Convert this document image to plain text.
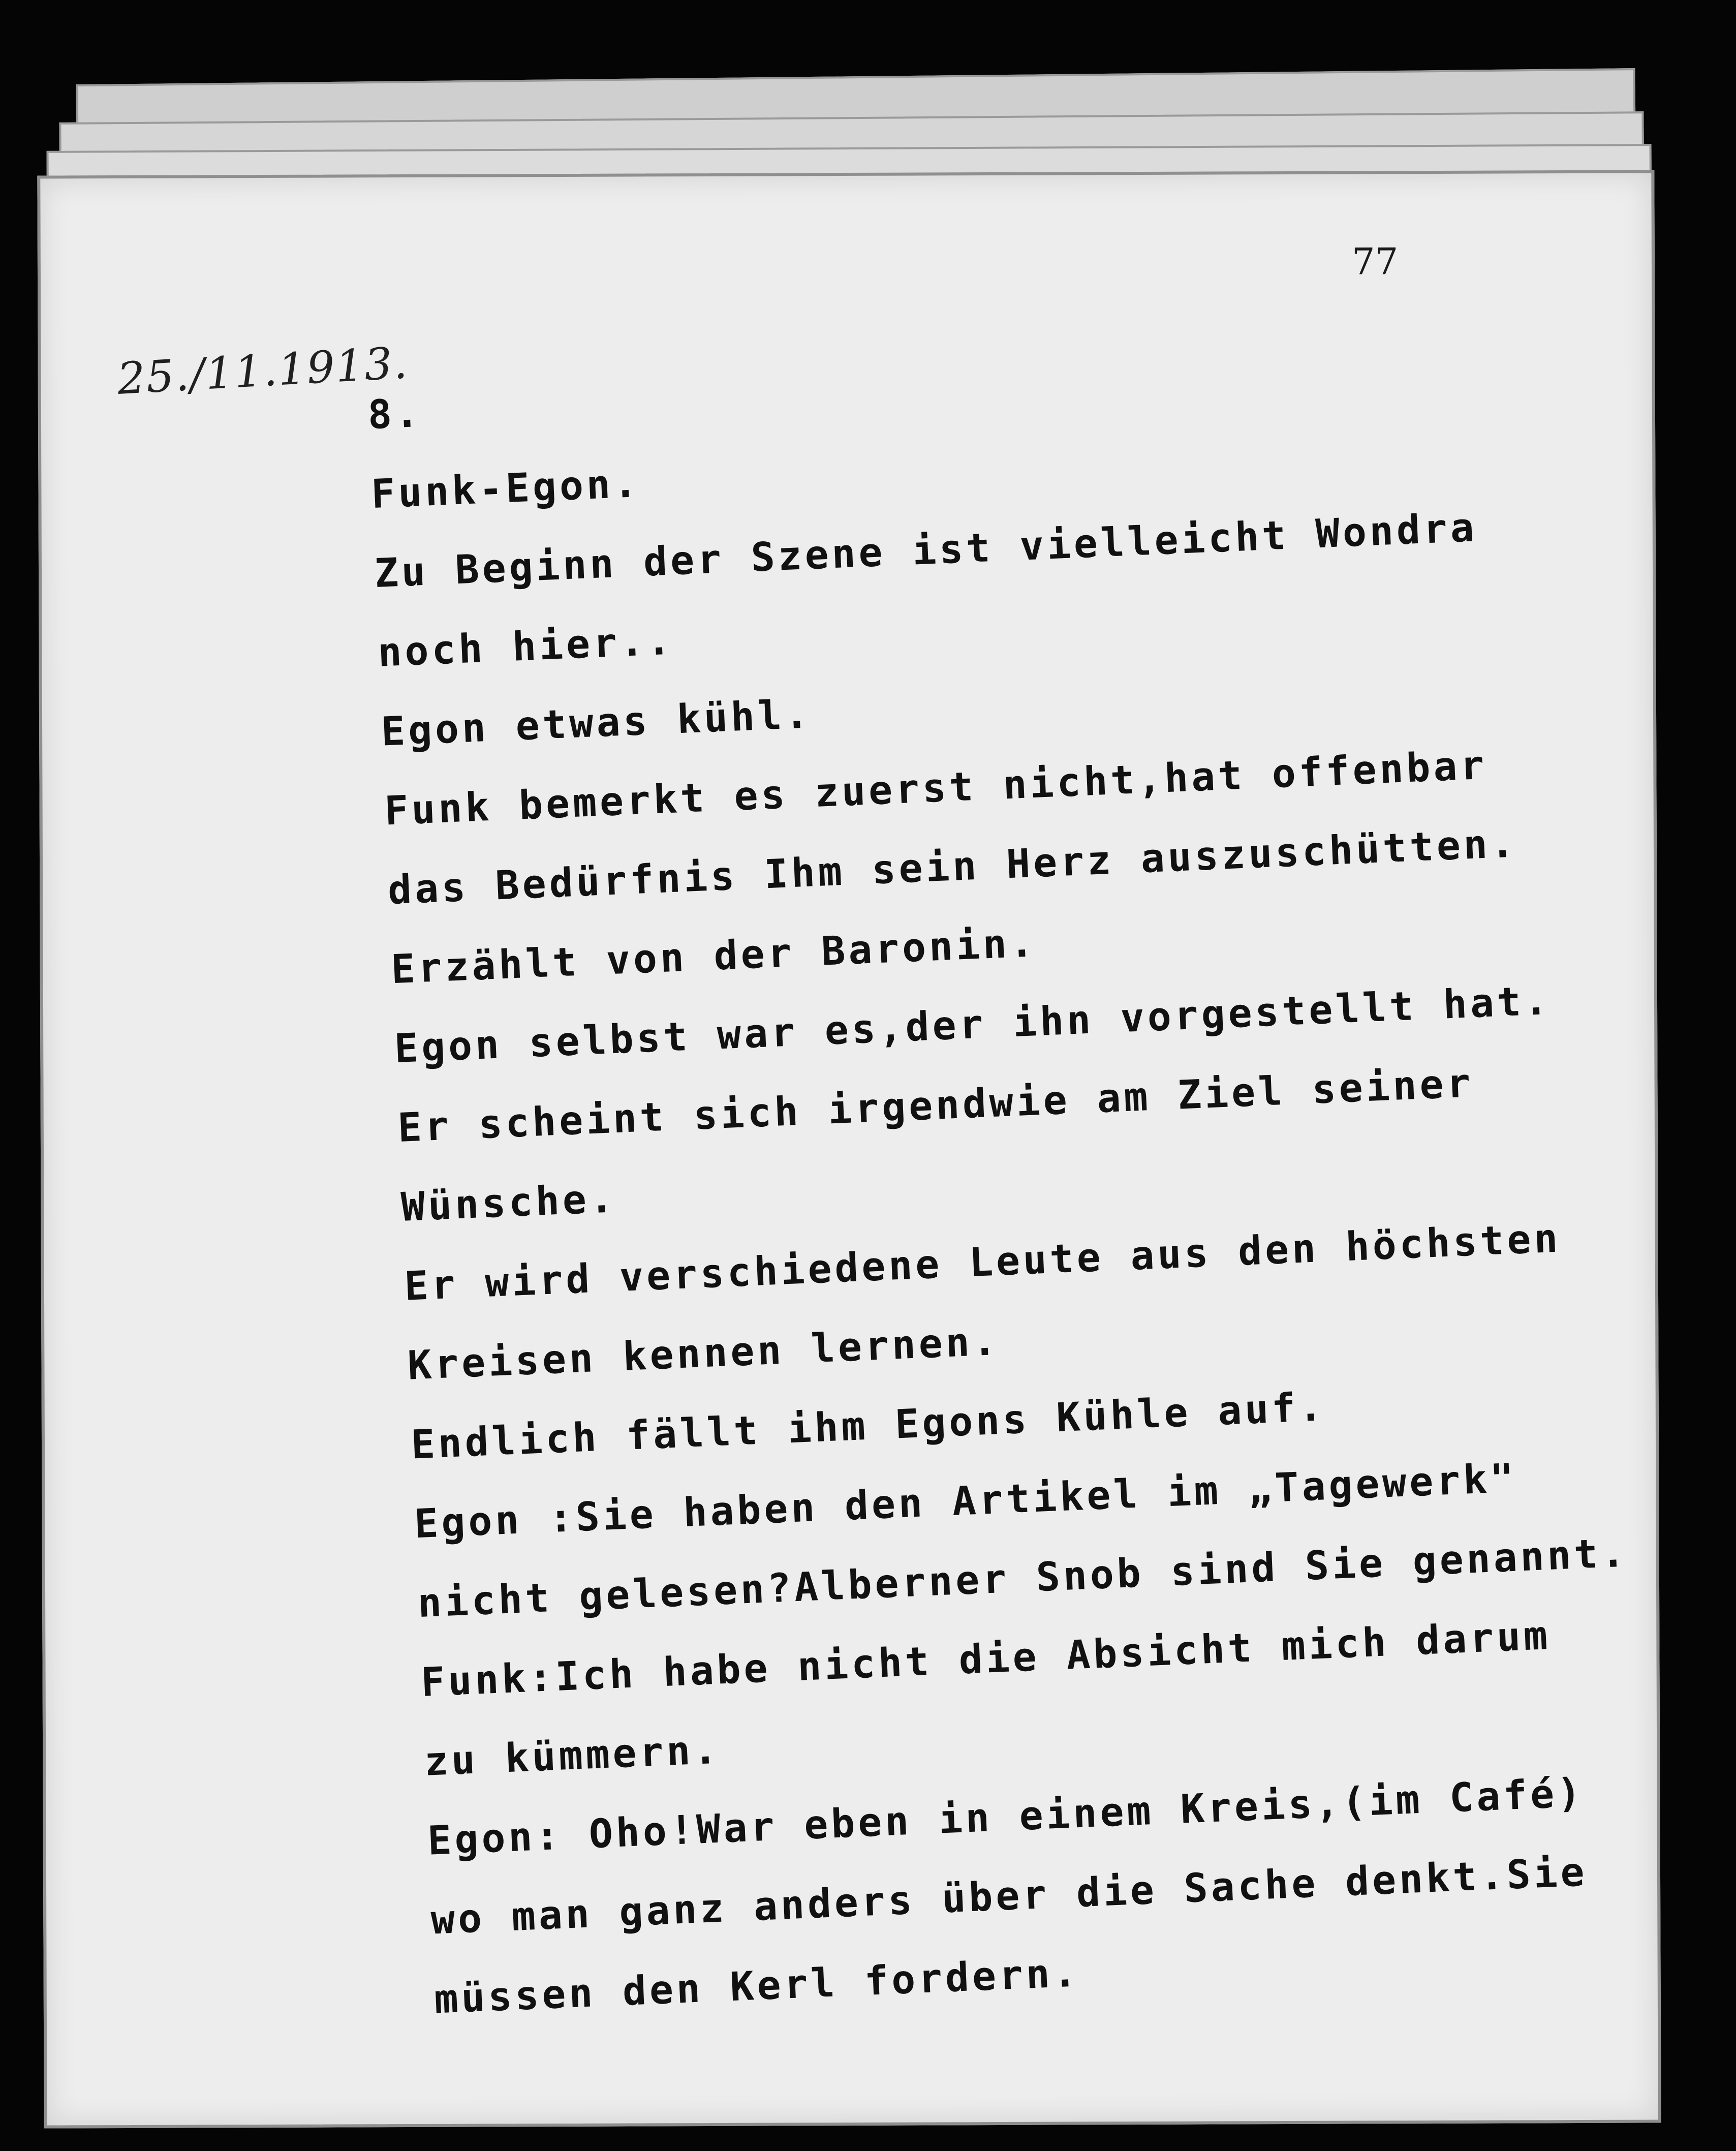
77
25./11.1913.
8.
Funk-Egon.
Zu Beginn der Szene ist vielleicht Wondra
noch hier..
Egon etwas kühl.
Funk bemerkt es zuerst nicht,hat offenbar
das Bedürfnis Ihm sein Herz auszuschütten.
Erzählt von der Baronin.
Egon selbst war es,der ihn vorgestellt hat.
Er scheint sich irgendwie am Ziel seiner
Wünsche.
Er wird verschiedene Leute aus den höchsten
Kreisen kennen lernen.
Endlich fällt ihm Egons Kühle auf.
Egon :Sie haben den Artikel im „Tagewerk"
nicht gelesen?Alberner Snob sind Sie genannt.
Funk:Ich habe nicht die Absicht mich darum
zu kümmern.
Egon: Oho!War eben in einem Kreis,(im Café)
wo man ganz anders über die Sache denkt.Sie
müssen den Kerl fordern.
